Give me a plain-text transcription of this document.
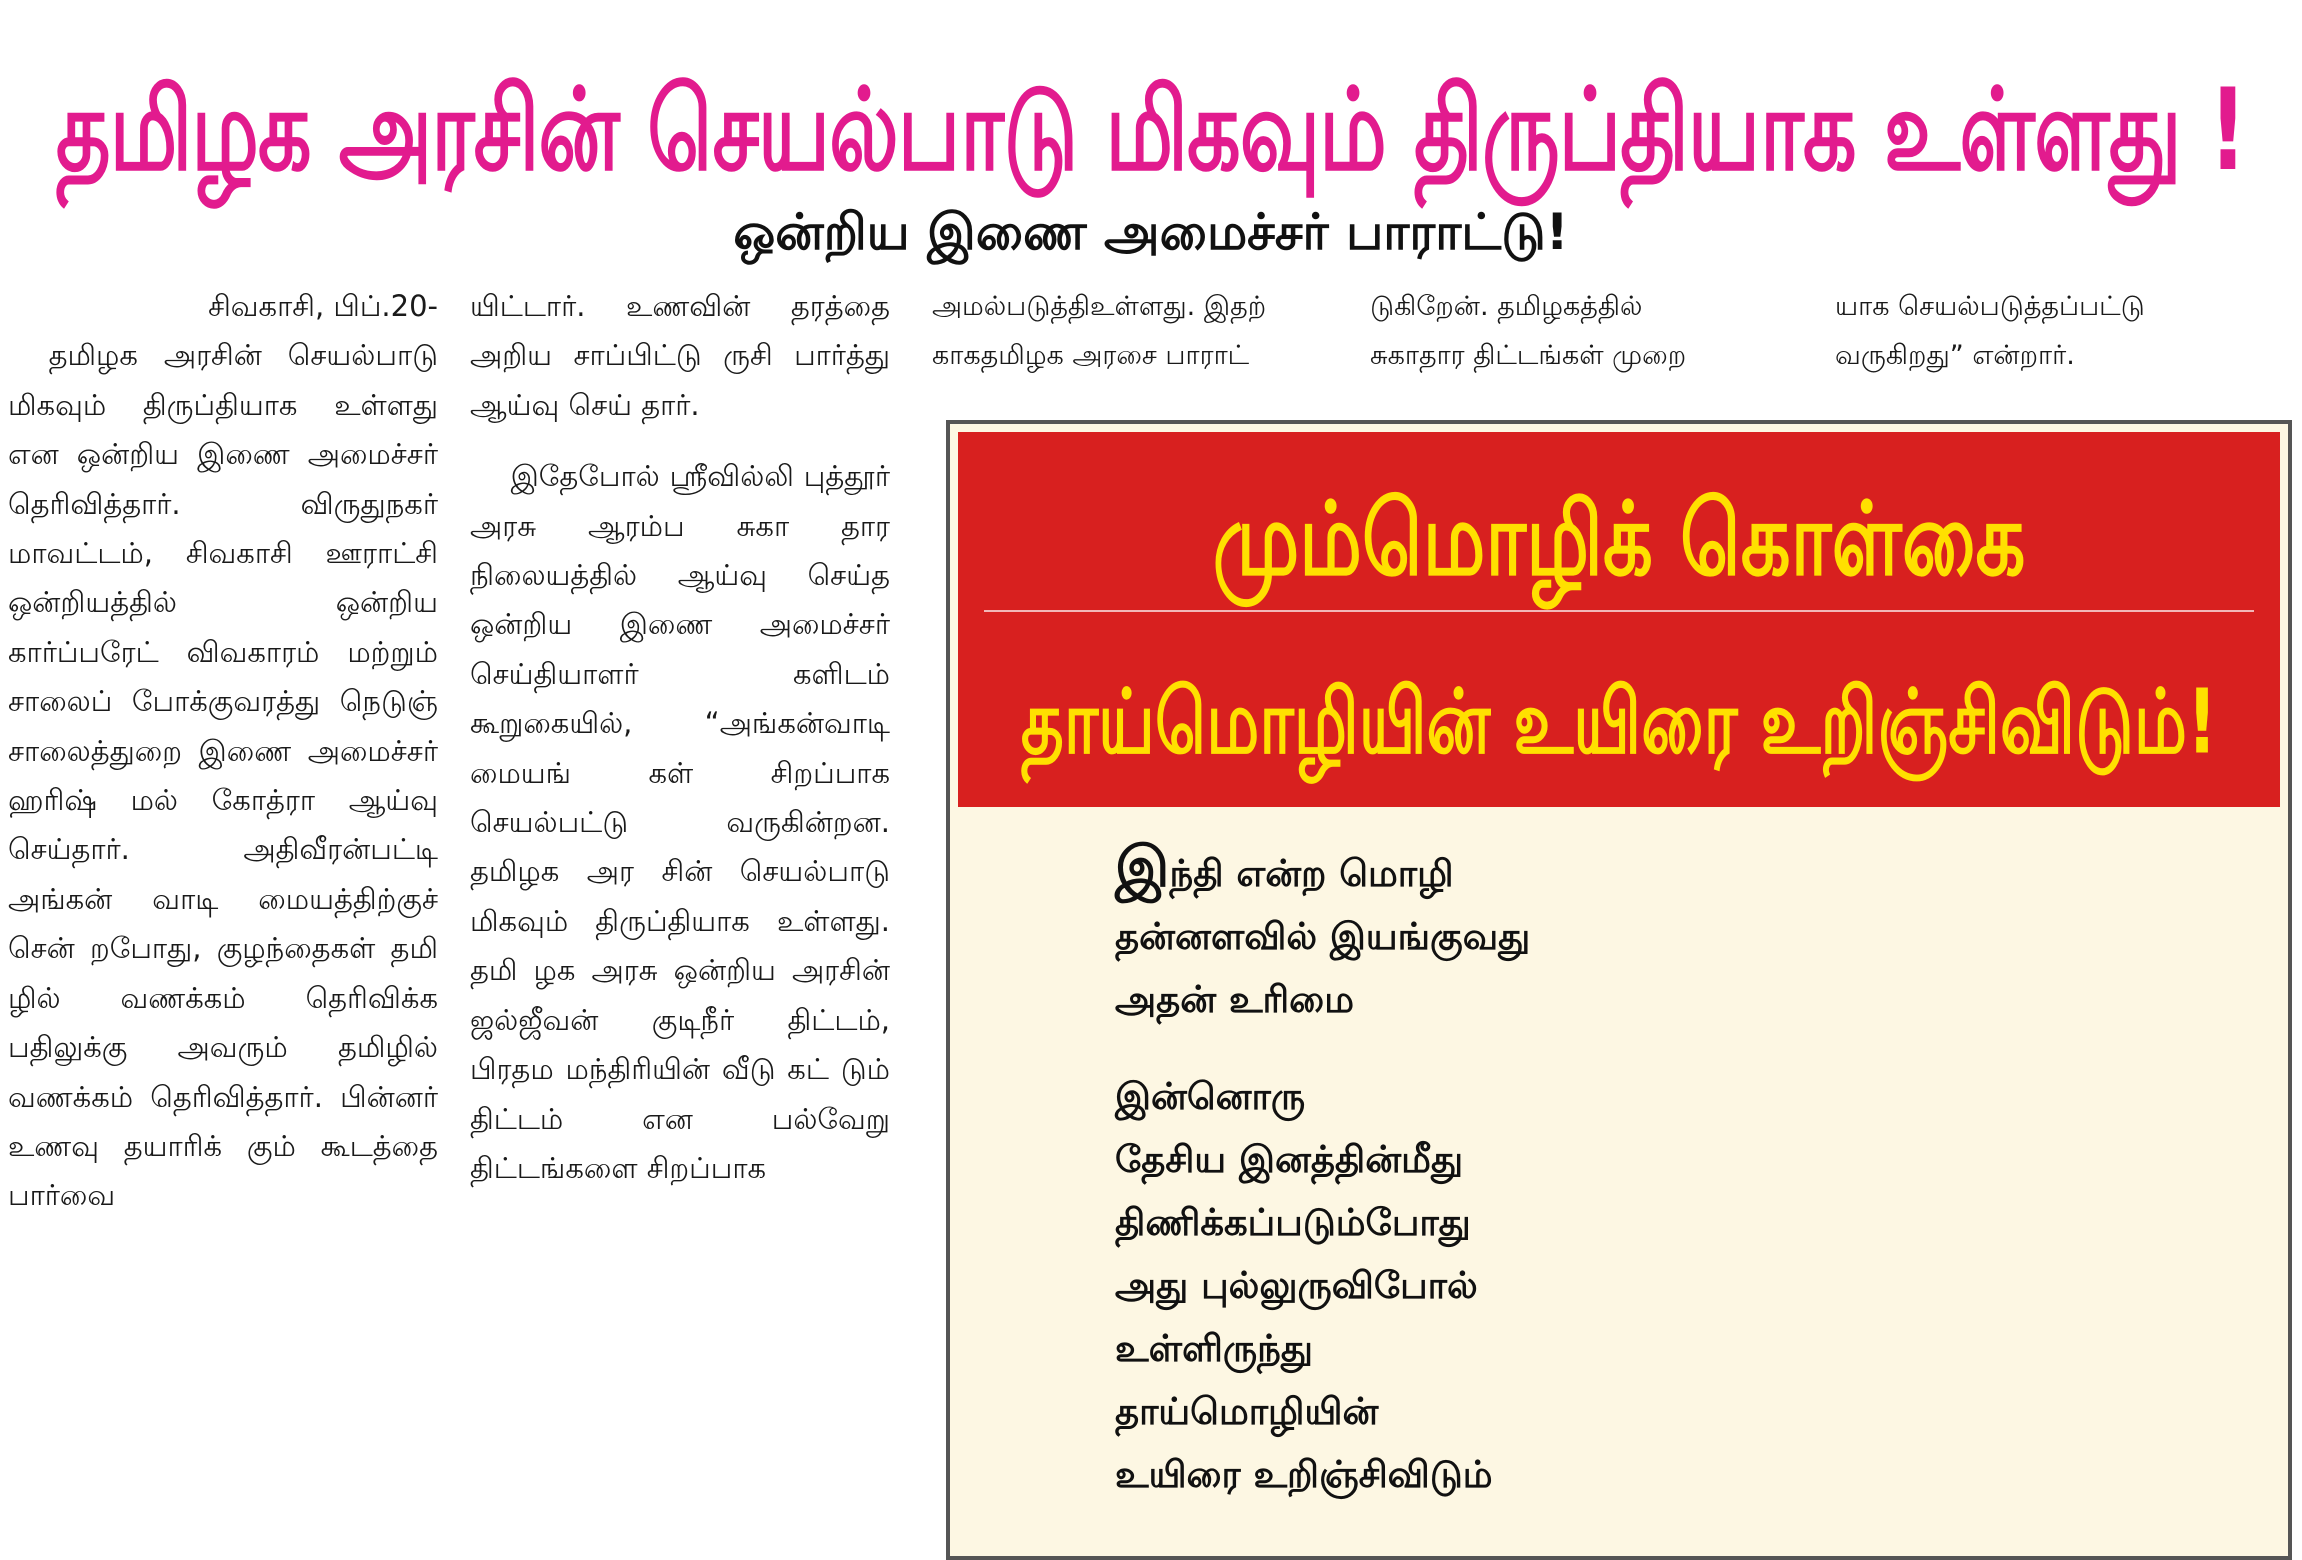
தமிழக அரசின் செயல்பாடு மிகவும் திருப்தியாக உள்ளது !
ஒன்றிய இணை அமைச்சர் பாராட்டு!

சிவகாசி, பிப்.20-

தமிழக அரசின் செயல்பாடு மிகவும் திருப்தியாக உள்ளது என ஒன்றிய இணை அமைச்சர் தெரிவித்தார். விருதுநகர் மாவட்டம், சிவகாசி ஊராட்சி ஒன்றியத்தில் ஒன்றிய கார்ப்பரேட் விவகாரம் மற்றும் சாலைப் போக்குவரத்து நெடுஞ் சாலைத்துறை இணை அமைச்சர் ஹரிஷ் மல் கோத்ரா ஆய்வு செய்தார். அதிவீரன்பட்டி அங்கன் வாடி மையத்திற்குச் சென் றபோது, குழந்தைகள் தமி ழில் வணக்கம் தெரிவிக்க பதிலுக்கு அவரும் தமிழில் வணக்கம் தெரிவித்தார். பின்னர் உணவு தயாரிக் கும் கூடத்தை பார்வை

யிட்டார். உணவின் தரத்தை அறிய சாப்பிட்டு ருசி பார்த்து ஆய்வு செய் தார்.

இதேபோல் ஸ்ரீவில்லி புத்தூர் அரசு ஆரம்ப சுகா தார நிலையத்தில் ஆய்வு செய்த ஒன்றிய இணை அமைச்சர் செய்தியாளர் களிடம் கூறுகையில், “அங்கன்வாடி மையங் கள் சிறப்பாக செயல்பட்டு வருகின்றன. தமிழக அர சின் செயல்பாடு மிகவும் திருப்தியாக உள்ளது. தமி ழக அரசு ஒன்றிய அரசின் ஜல்ஜீவன் குடிநீர் திட்டம், பிரதம மந்திரியின் வீடு கட் டும் திட்டம் என பல்வேறு திட்டங்களை சிறப்பாக

அமல்படுத்திஉள்ளது. இதற்

காகதமிழக அரசை பாராட்

டுகிறேன். தமிழகத்தில்

சுகாதார திட்டங்கள் முறை

யாக செயல்படுத்தப்பட்டு

வருகிறது” என்றார்.

மும்மொழிக் கொள்கை
தாய்மொழியின் உயிரை உறிஞ்சிவிடும்!

இந்தி என்ற மொழி

தன்னளவில் இயங்குவது

அதன் உரிமை

இன்னொரு

தேசிய இனத்தின்மீது

திணிக்கப்படும்போது

அது புல்லுருவிபோல்

உள்ளிருந்து

தாய்மொழியின்

உயிரை உறிஞ்சிவிடும்
